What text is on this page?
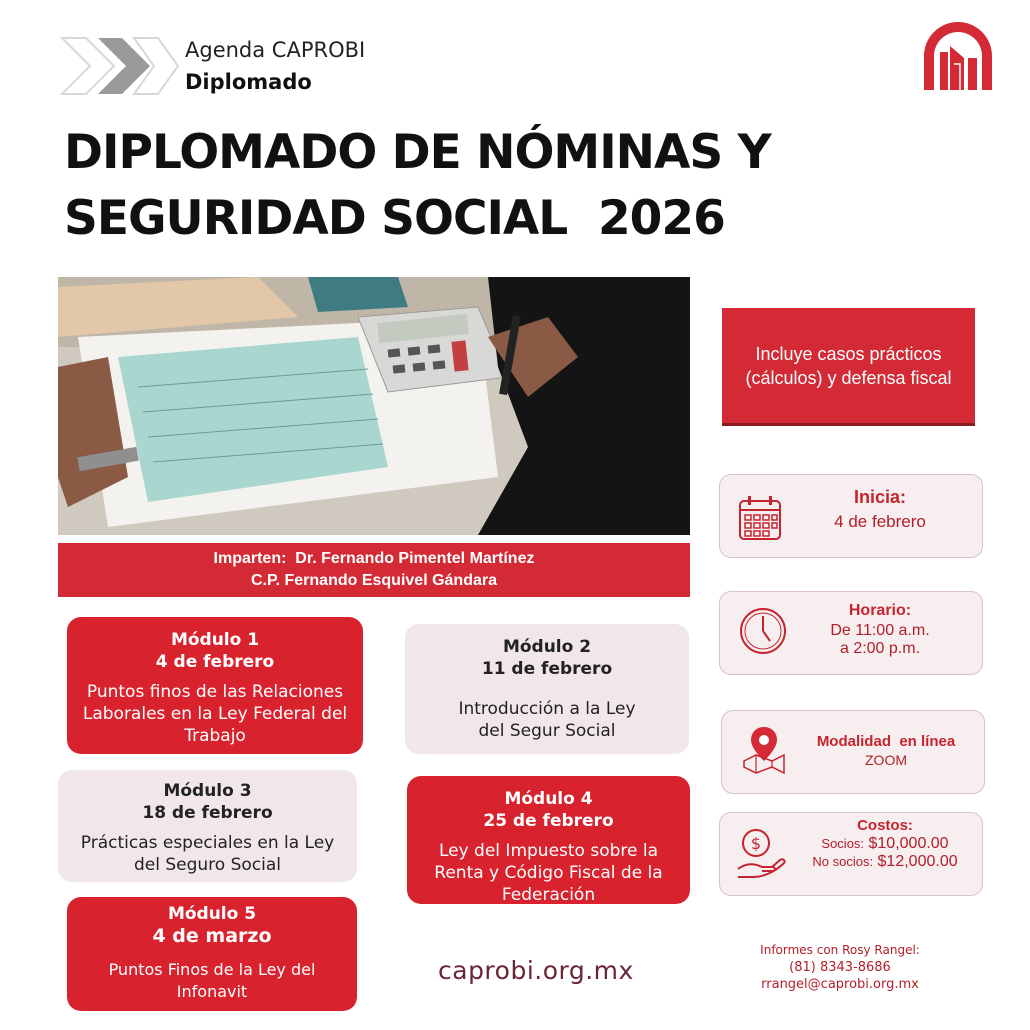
Agenda CAPROBI
Diplomado
DIPLOMADO DE NÓMINAS Y
SEGURIDAD SOCIAL  2026
Imparten:  Dr. Fernando Pimentel Martínez
C.P. Fernando Esquivel Gándara
Incluye casos prácticos (cálculos) y defensa fiscal
Inicia:
4 de febrero
Horario:
De 11:00 a.m.
a 2:00 p.m.
Modalidad  en línea
ZOOM
$
Costos:
Socios: $10,000.00
No socios: $12,000.00
Módulo 1
4 de febrero
Puntos finos de las Relaciones Laborales en la Ley Federal del Trabajo
Módulo 2
11 de febrero
Introducción a la Ley del Segur Social
Módulo 3
18 de febrero
Prácticas especiales en la Ley del Seguro Social
Módulo 4
25 de febrero
Ley del Impuesto sobre la Renta y Código Fiscal de la Federación
Módulo 5
4 de marzo
Puntos Finos de la Ley del Infonavit
caprobi.org.mx
Informes con Rosy Rangel:
(81) 8343-8686
rrangel@caprobi.org.mx
